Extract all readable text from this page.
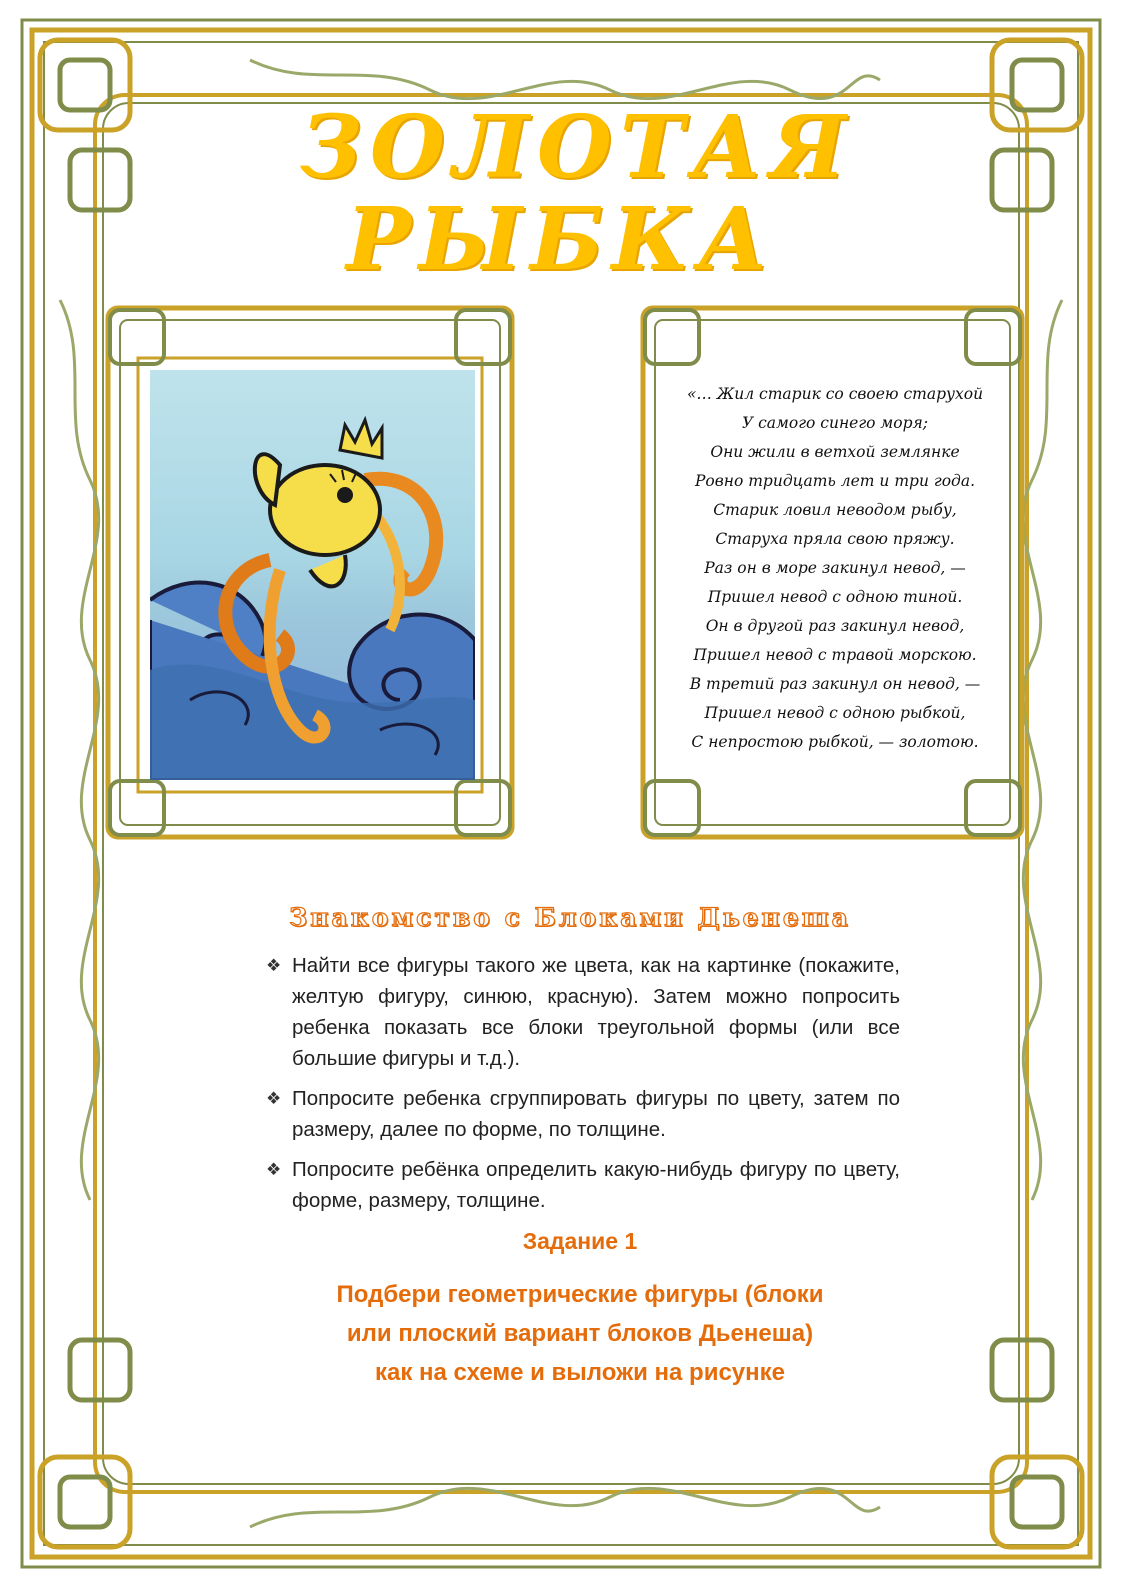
ЗОЛОТАЯ
РЫБКА
«… Жил старик со своею старухой
У самого синего моря;
Они жили в ветхой землянке
Ровно тридцать лет и три года.
Старик ловил неводом рыбу,
Старуха пряла свою пряжу.
Раз он в море закинул невод, —
Пришел невод с одною тиной.
Он в другой раз закинул невод,
Пришел невод с травой морскою.
В третий раз закинул он невод, —
Пришел невод с одною рыбкой,
С непростою рыбкой, — золотою.
Знакомство с Блоками Дьенеша
❖ Найти все фигуры такого же цвета, как на картинке (покажите, желтую фигуру, синюю, красную). Затем можно попросить ребенка показать все блоки треугольной формы (или все большие фигуры и т.д.).
❖ Попросите ребенка сгруппировать фигуры по цвету, затем по размеру, далее по форме, по толщине.
❖ Попросите ребёнка определить какую-нибудь фигуру по цвету, форме, размеру, толщине.
Задание 1
Подбери геометрические фигуры (блоки
или плоский вариант блоков Дьенеша)
как на схеме и выложи на рисунке
